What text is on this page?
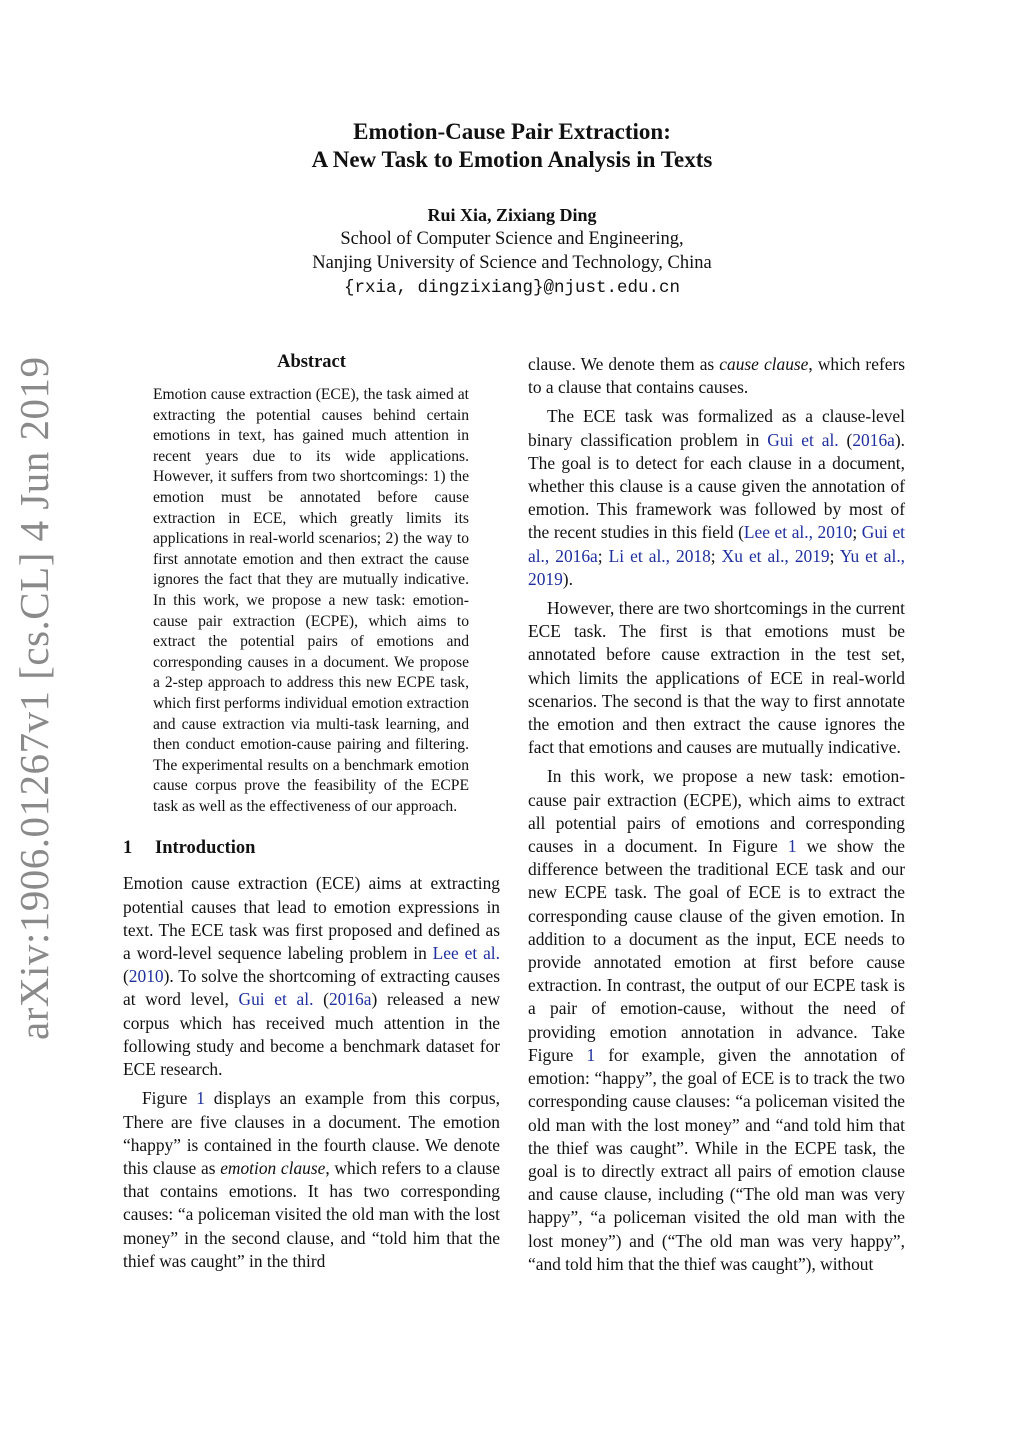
arXiv:1906.01267v1 [cs.CL] 4 Jun 2019
Emotion-Cause Pair Extraction:
A New Task to Emotion Analysis in Texts
Rui Xia, Zixiang Ding
School of Computer Science and Engineering,
Nanjing University of Science and Technology, China
{rxia, dingzixiang}@njust.edu.cn
Abstract
Emotion cause extraction (ECE), the task aimed at extracting the potential causes behind certain emotions in text, has gained much attention in recent years due to its wide applications. However, it suffers from two shortcomings: 1) the emotion must be annotated before cause extraction in ECE, which greatly limits its applications in real-world scenarios; 2) the way to first annotate emotion and then extract the cause ignores the fact that they are mutually indicative. In this work, we propose a new task: emotion-cause pair extraction (ECPE), which aims to extract the potential pairs of emotions and corresponding causes in a document. We propose a 2-step approach to address this new ECPE task, which first performs individual emotion extraction and cause extraction via multi-task learning, and then conduct emotion-cause pairing and filtering. The experimental results on a benchmark emotion cause corpus prove the feasibility of the ECPE task as well as the effectiveness of our approach.
1 Introduction

Emotion cause extraction (ECE) aims at extracting potential causes that lead to emotion expressions in text. The ECE task was first proposed and defined as a word-level sequence labeling problem in Lee et al. (2010). To solve the shortcoming of extracting causes at word level, Gui et al. (2016a) released a new corpus which has received much attention in the following study and become a benchmark dataset for ECE research.

Figure 1 displays an example from this corpus, There are five clauses in a document. The emotion “happy” is contained in the fourth clause. We denote this clause as emotion clause, which refers to a clause that contains emotions. It has two corresponding causes: “a policeman visited the old man with the lost money” in the second clause, and “told him that the thief was caught” in the third

clause. We denote them as cause clause, which refers to a clause that contains causes.

The ECE task was formalized as a clause-level binary classification problem in Gui et al. (2016a). The goal is to detect for each clause in a document, whether this clause is a cause given the annotation of emotion. This framework was followed by most of the recent studies in this field (Lee et al., 2010; Gui et al., 2016a; Li et al., 2018; Xu et al., 2019; Yu et al., 2019).

However, there are two shortcomings in the current ECE task. The first is that emotions must be annotated before cause extraction in the test set, which limits the applications of ECE in real-world scenarios. The second is that the way to first annotate the emotion and then extract the cause ignores the fact that emotions and causes are mutually indicative.

In this work, we propose a new task: emotion-cause pair extraction (ECPE), which aims to extract all potential pairs of emotions and corresponding causes in a document. In Figure 1 we show the difference between the traditional ECE task and our new ECPE task. The goal of ECE is to extract the corresponding cause clause of the given emotion. In addition to a document as the input, ECE needs to provide annotated emotion at first before cause extraction. In contrast, the output of our ECPE task is a pair of emotion-cause, without the need of providing emotion annotation in advance. Take Figure 1 for example, given the annotation of emotion: “happy”, the goal of ECE is to track the two corresponding cause clauses: “a policeman visited the old man with the lost money” and “and told him that the thief was caught”. While in the ECPE task, the goal is to directly extract all pairs of emotion clause and cause clause, including (“The old man was very happy”, “a policeman visited the old man with the lost money”) and (“The old man was very happy”, “and told him that the thief was caught”), without
